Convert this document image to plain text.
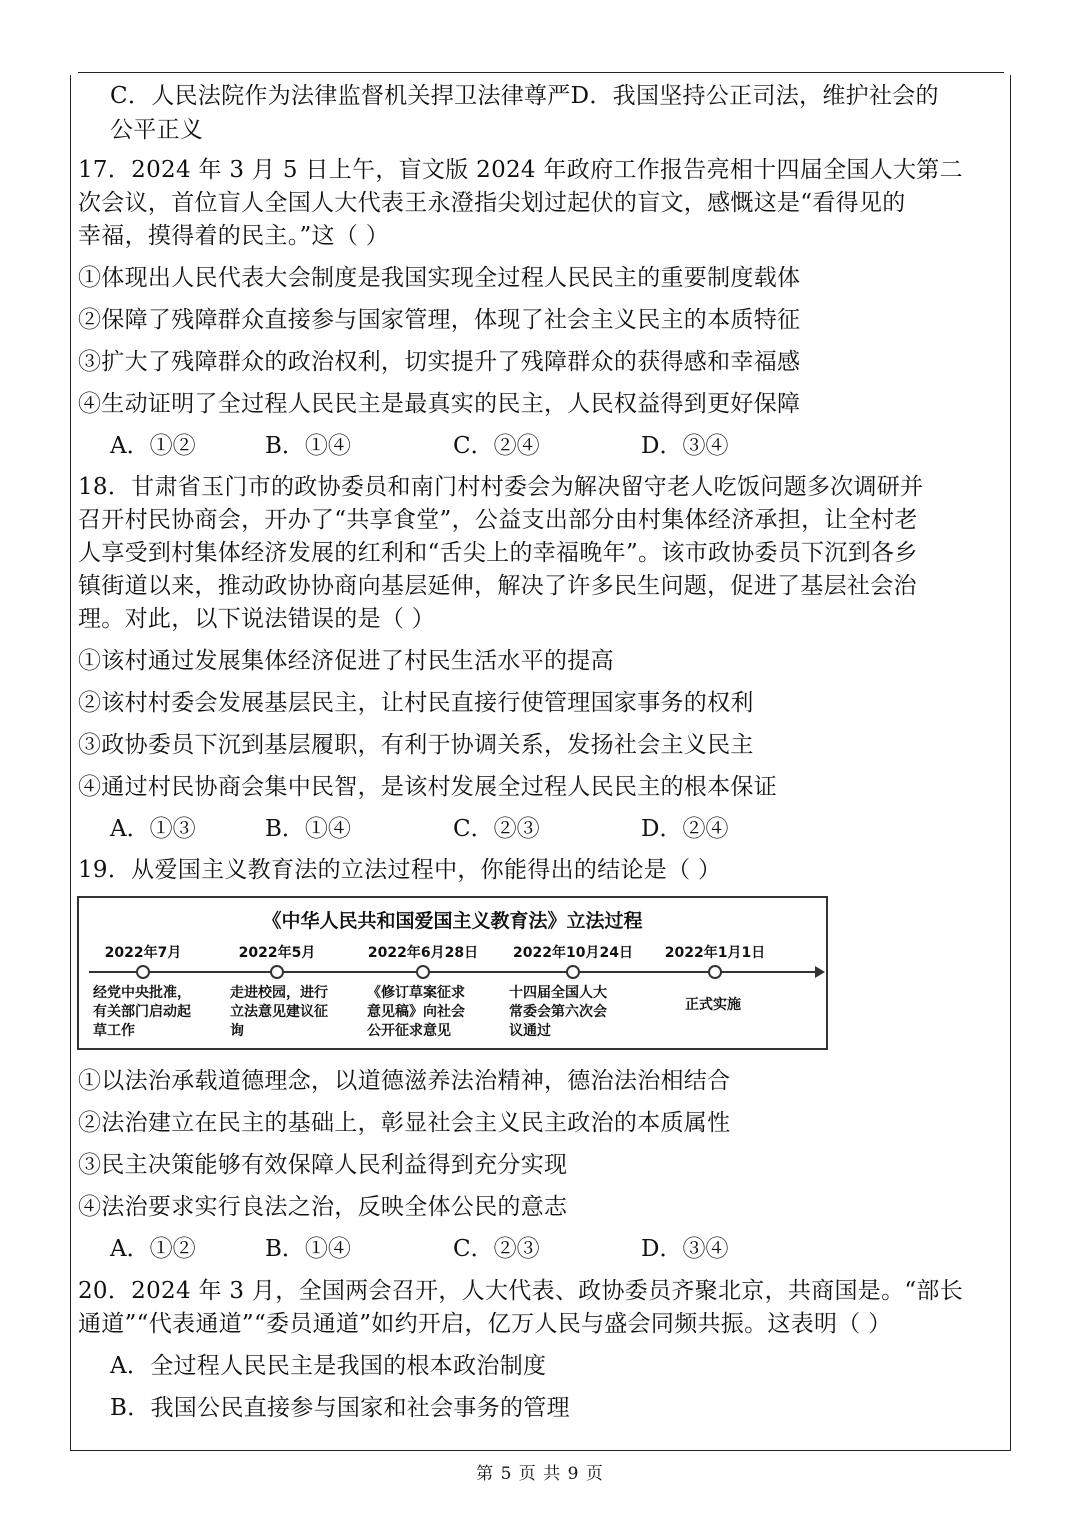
C．人民法院作为法律监督机关捍卫法律尊严D．我国坚持公正司法，维护社会的
公平正义
17．2024 年 3 月 5 日上午，盲文版 2024 年政府工作报告亮相十四届全国人大第二
次会议，首位盲人全国人大代表王永澄指尖划过起伏的盲文，感慨这是“看得见的
幸福，摸得着的民主。”这（ ）
①体现出人民代表大会制度是我国实现全过程人民民主的重要制度载体
②保障了残障群众直接参与国家管理，体现了社会主义民主的本质特征
③扩大了残障群众的政治权利，切实提升了残障群众的获得感和幸福感
④生动证明了全过程人民民主是最真实的民主，人民权益得到更好保障
A．①②	B．①④	C．②④	D．③④
18．甘肃省玉门市的政协委员和南门村村委会为解决留守老人吃饭问题多次调研并
召开村民协商会，开办了“共享食堂”，公益支出部分由村集体经济承担，让全村老
人享受到村集体经济发展的红利和“舌尖上的幸福晚年”。该市政协委员下沉到各乡
镇街道以来，推动政协协商向基层延伸，解决了许多民生问题，促进了基层社会治
理。对此，以下说法错误的是（ ）
①该村通过发展集体经济促进了村民生活水平的提高
②该村村委会发展基层民主，让村民直接行使管理国家事务的权利
③政协委员下沉到基层履职，有利于协调关系，发扬社会主义民主
④通过村民协商会集中民智，是该村发展全过程人民民主的根本保证
A．①③	B．①④	C．②③	D．②④
19．从爱国主义教育法的立法过程中，你能得出的结论是（ ）
《中华人民共和国爱国主义教育法》立法过程
2022年7月	2022年5月	2022年6月28日 2022年10月24日 2022年1月1日
经党中央批准，
有关部门启动起
草工作
走进校园，进行
立法意见建议征
询
《修订草案征求
意见稿》向社会
公开征求意见
十四届全国人大
常委会第六次会
议通过
正式实施
①以法治承载道德理念，以道德滋养法治精神，德治法治相结合
②法治建立在民主的基础上，彰显社会主义民主政治的本质属性
③民主决策能够有效保障人民利益得到充分实现
④法治要求实行良法之治，反映全体公民的意志
A．①②	B．①④	C．②③	D．③④
20．2024 年 3 月，全国两会召开，人大代表、政协委员齐聚北京，共商国是。“部长
通道”“代表通道”“委员通道”如约开启，亿万人民与盛会同频共振。这表明（ ）
A．全过程人民民主是我国的根本政治制度
B．我国公民直接参与国家和社会事务的管理
第 5 页 共 9 页
